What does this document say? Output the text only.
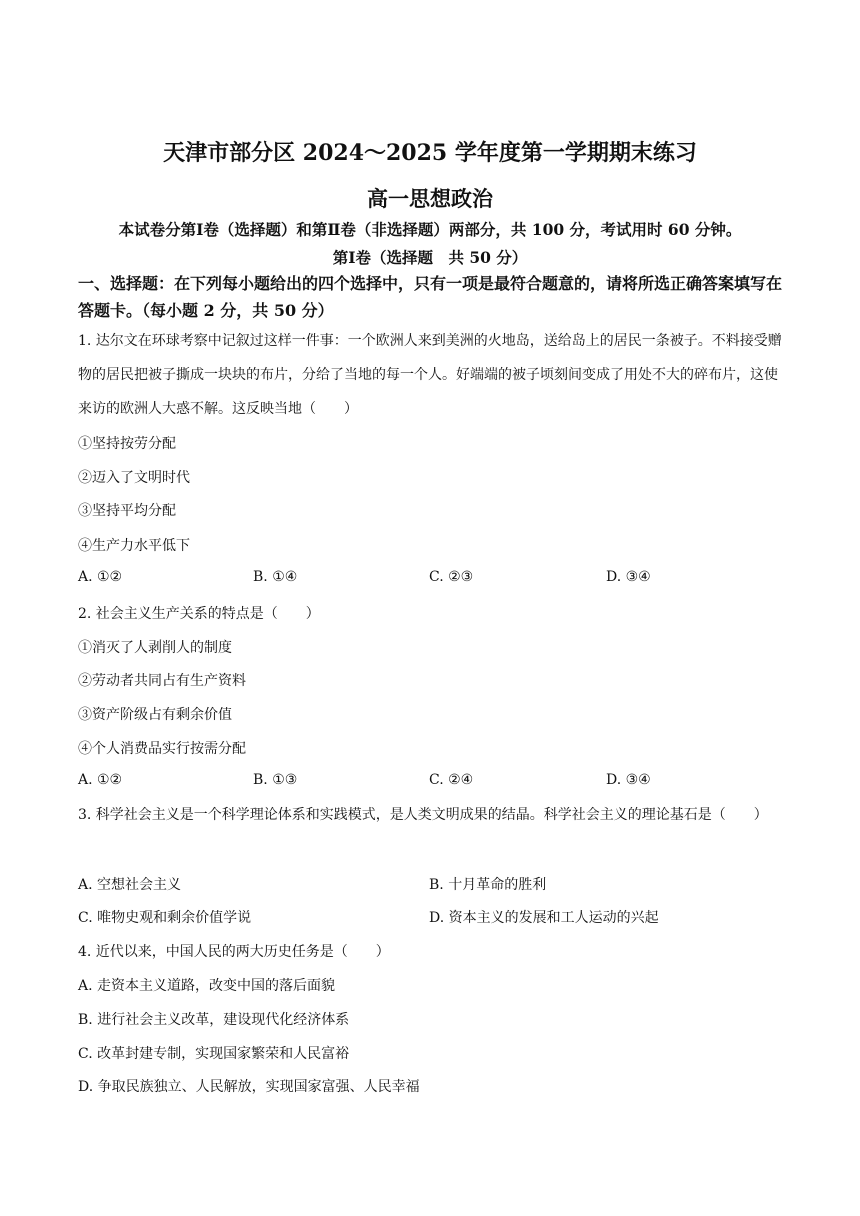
天津市部分区 2024～2025 学年度第一学期期末练习
高一思想政治
本试卷分第Ⅰ卷（选择题）和第Ⅱ卷（非选择题）两部分，共 100 分，考试用时 60 分钟。
第Ⅰ卷（选择题　共 50 分）
一、选择题：在下列每小题给出的四个选择中，只有一项是最符合题意的，请将所选正确答案填写在答题卡。（每小题 2 分，共 50 分）
1. 达尔文在环球考察中记叙过这样一件事：一个欧洲人来到美洲的火地岛，送给岛上的居民一条被子。不料接受赠物的居民把被子撕成一块块的布片，分给了当地的每一个人。好端端的被子顷刻间变成了用处不大的碎布片，这使来访的欧洲人大惑不解。这反映当地（　　）
①坚持按劳分配
②迈入了文明时代
③坚持平均分配
④生产力水平低下
A. ①②	B. ①④	C. ②③	D. ③④
2. 社会主义生产关系的特点是（　　）
①消灭了人剥削人的制度
②劳动者共同占有生产资料
③资产阶级占有剩余价值
④个人消费品实行按需分配
A. ①②	B. ①③	C. ②④	D. ③④
3. 科学社会主义是一个科学理论体系和实践模式，是人类文明成果的结晶。科学社会主义的理论基石是（　　）
A. 空想社会主义	B. 十月革命的胜利
C. 唯物史观和剩余价值学说	D. 资本主义的发展和工人运动的兴起
4. 近代以来，中国人民的两大历史任务是（　　）
A. 走资本主义道路，改变中国的落后面貌
B. 进行社会主义改革，建设现代化经济体系
C. 改革封建专制，实现国家繁荣和人民富裕
D. 争取民族独立、人民解放，实现国家富强、人民幸福
